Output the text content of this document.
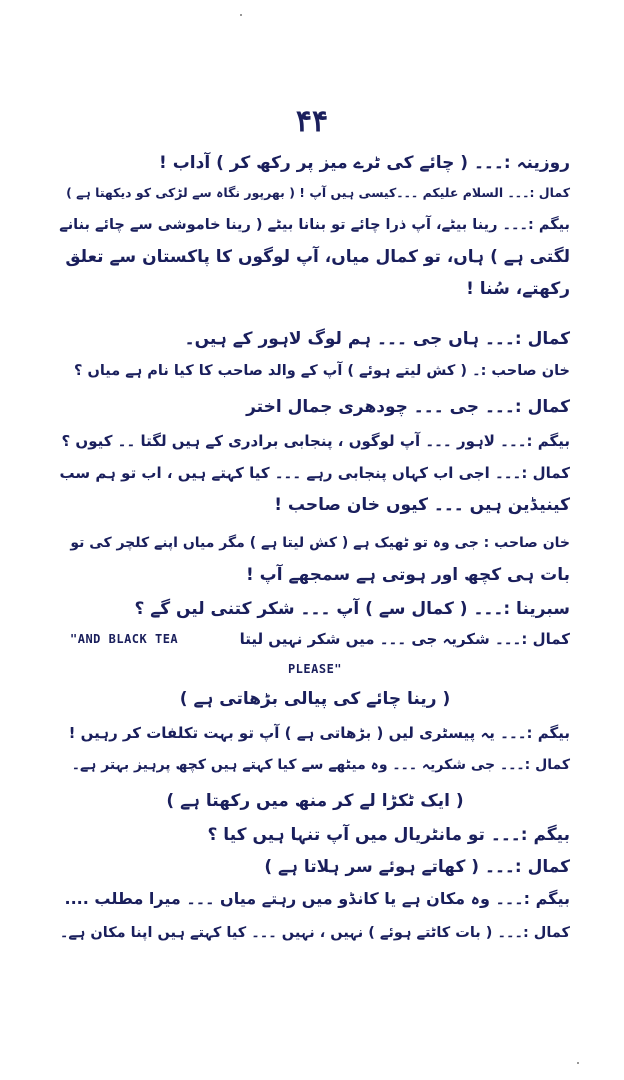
۴۴
روزینہ :۔۔۔ ( چائے کی ٹرے میز پر رکھ کر ) آداب !
کمال :۔۔۔ السلام علیکم ۔۔۔کیسی ہیں آپ ! ( بھرپور نگاہ سے لڑکی کو دیکھتا ہے )
بیگم :۔۔۔ رینا بیٹے، آپ ذرا چائے تو بنانا بیٹے ( رینا خاموشی سے چائے بنانے
لگتی ہے ) ہاں، تو کمال میاں، آپ لوگوں کا پاکستان سے تعلق
رکھتے، سُنا !
کمال :۔۔۔ ہاں جی ۔۔۔ ہم لوگ لاہور کے ہیں۔
خان صاحب :۔ ( کش لیتے ہوئے ) آپ کے والد صاحب کا کیا نام ہے میاں ؟
کمال :۔۔۔ جی ۔۔۔ چودھری جمال اختر
بیگم :۔۔۔ لاہور ۔۔۔ آپ لوگوں ، پنجابی برادری کے ہیں لگتا ۔۔ کیوں ؟
کمال :۔۔۔ اجی اب کہاں پنجابی رہے ۔۔۔ کیا کہتے ہیں ، اب تو ہم سب
کینیڈین ہیں ۔۔۔ کیوں خان صاحب !
خان صاحب : جی وہ تو ٹھیک ہے ( کش لیتا ہے ) مگر میاں اپنے کلچر کی تو
بات ہی کچھ اور ہوتی ہے سمجھے آپ !
سبرینا :۔۔۔ ( کمال سے ) آپ ۔۔۔ شکر کتنی لیں گے ؟
کمال :۔۔۔ شکریہ جی ۔۔۔ میں شکر نہیں لیتا
"AND BLACK TEA
PLEASE"
( رینا چائے کی پیالی بڑھاتی ہے )
بیگم :۔۔۔ یہ پیسٹری لیں ( بڑھاتی ہے ) آپ تو بہت تکلفات کر رہیں !
کمال :۔۔۔ جی شکریہ ۔۔۔ وہ میٹھے سے کیا کہتے ہیں کچھ پرہیز بہتر ہے۔
( ایک ٹکڑا لے کر منھ میں رکھتا ہے )
بیگم :۔۔۔ تو مانٹریال میں آپ تنہا ہیں کیا ؟
کمال :۔۔۔ ( کھاتے ہوئے سر ہلاتا ہے )
بیگم :۔۔۔ وہ مکان ہے یا کانڈو میں رہتے میاں ۔۔۔ میرا مطلب ....
کمال :۔۔۔ ( بات کاٹتے ہوئے ) نہیں ، نہیں ۔۔۔ کیا کہتے ہیں اپنا مکان ہے۔
